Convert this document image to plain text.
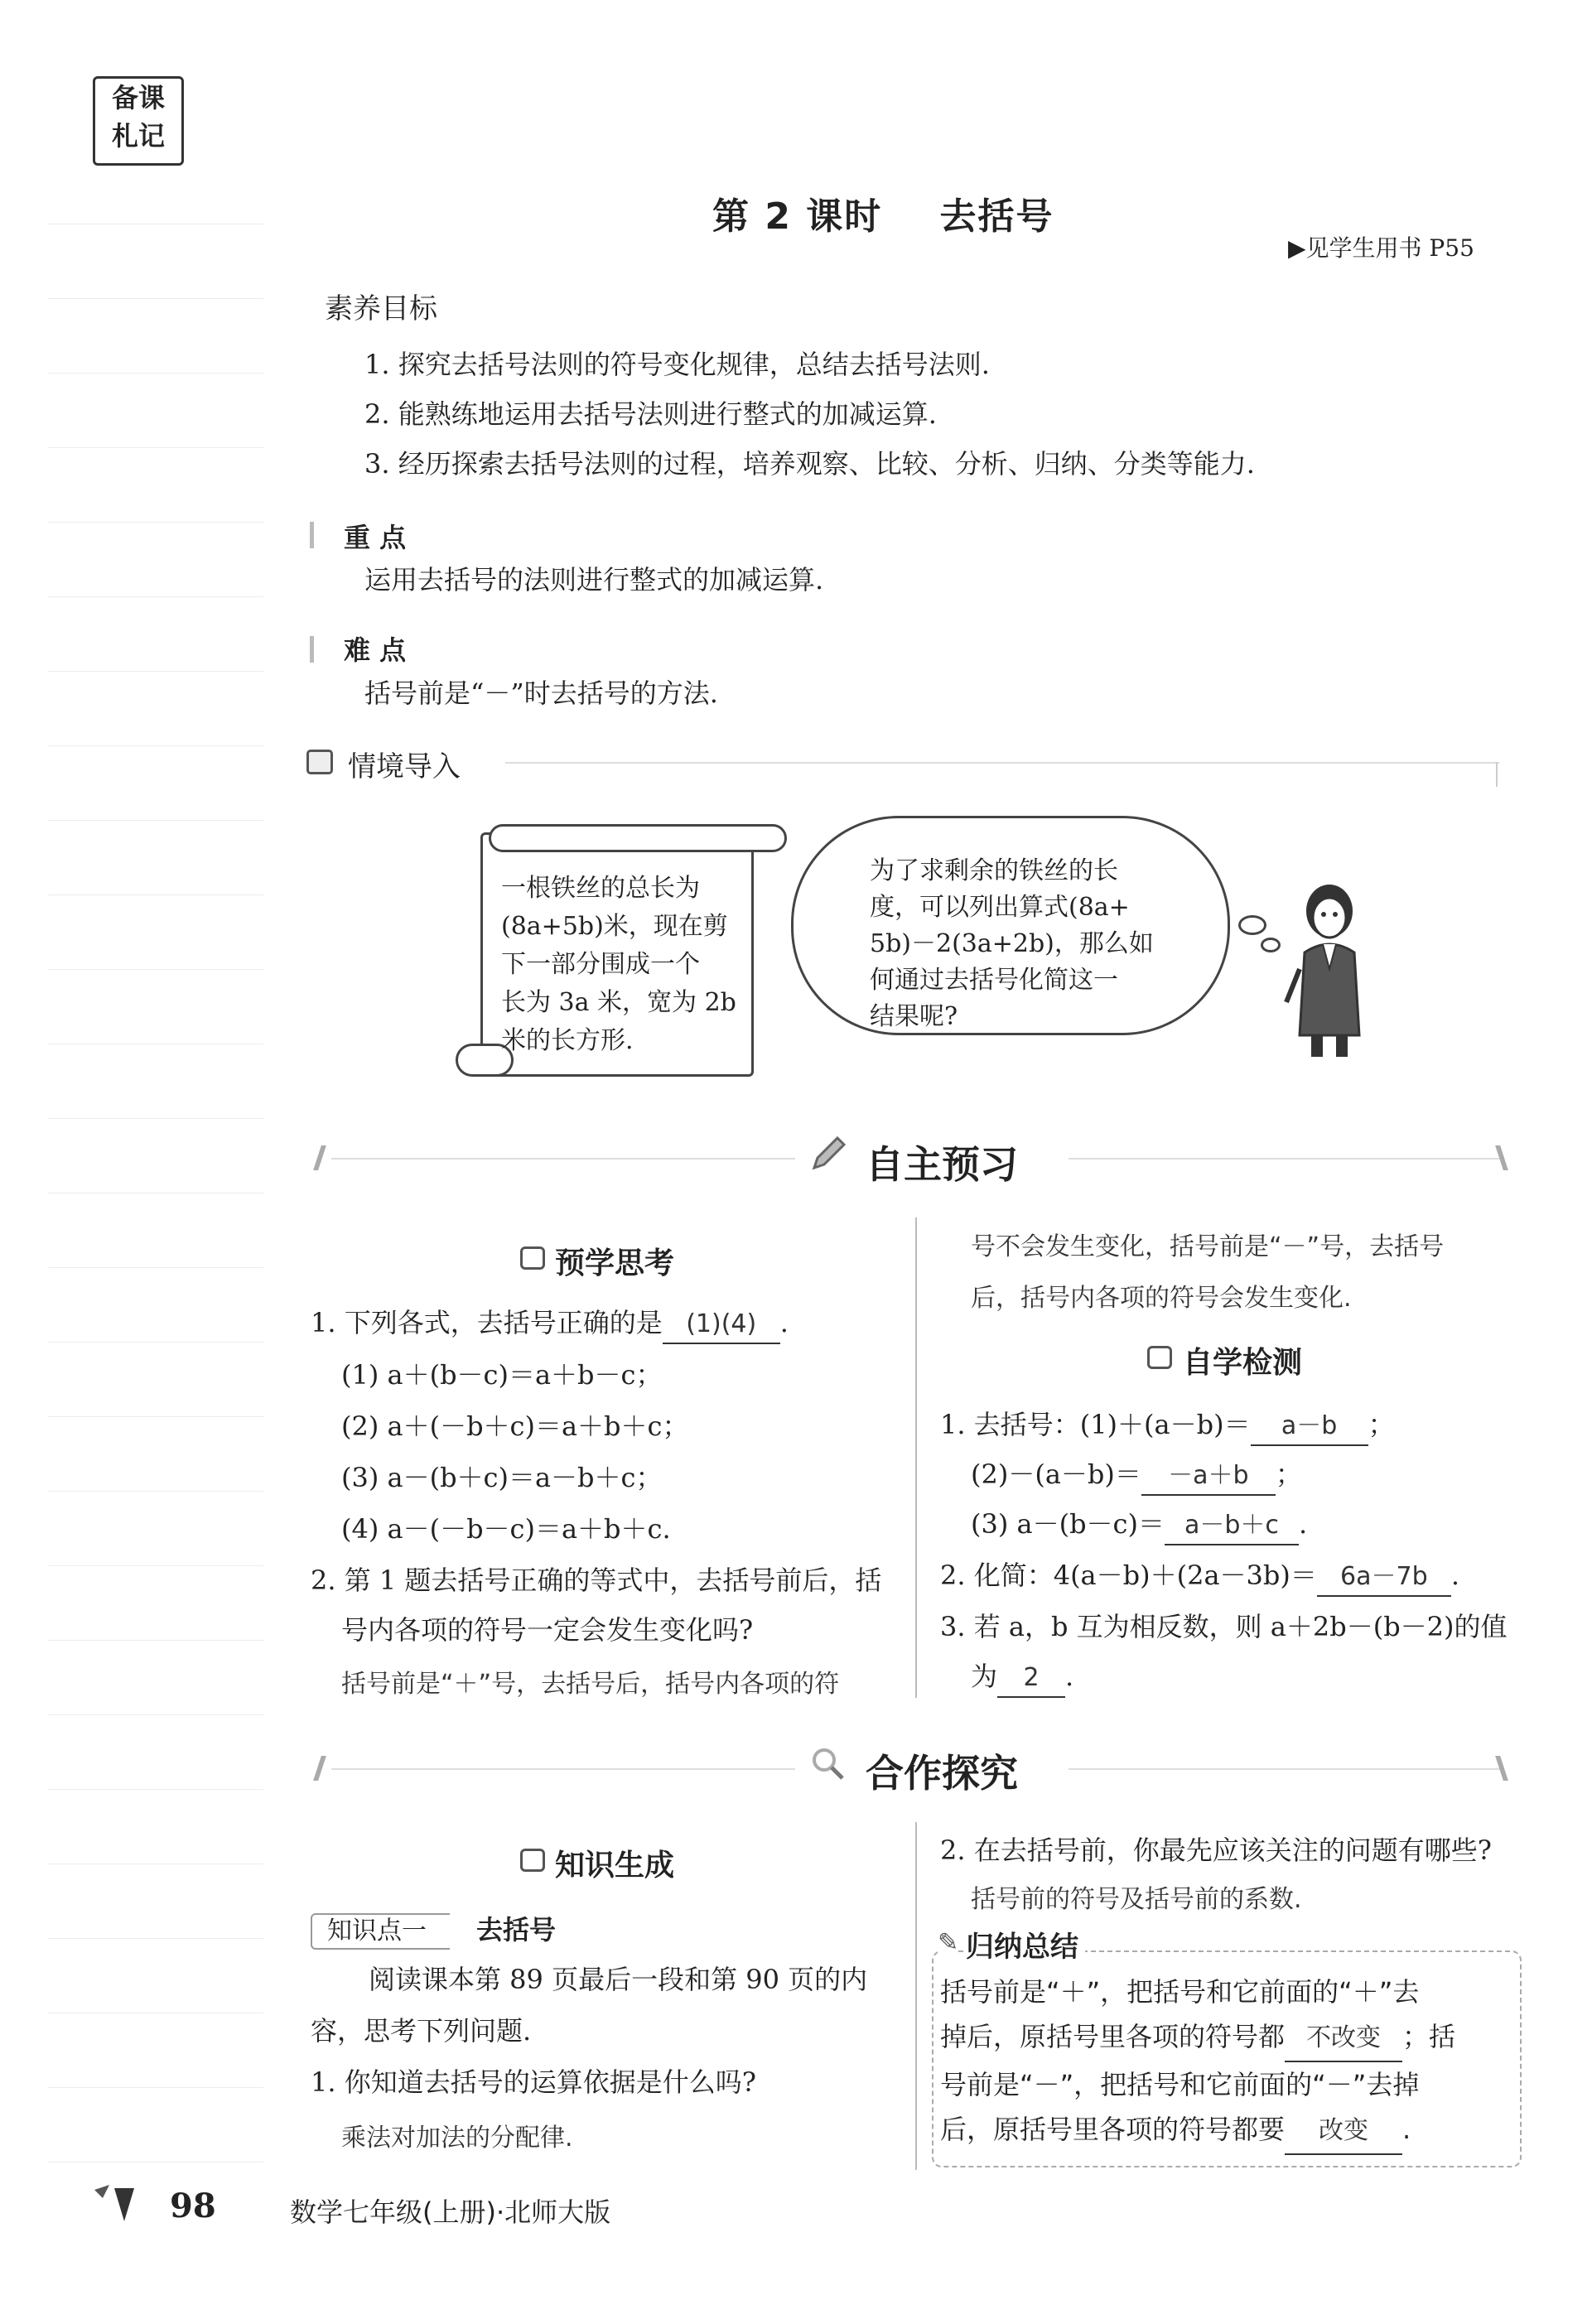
备课
札记
第 2 课时    去括号
▶见学生用书 P55
素养目标
1. 探究去括号法则的符号变化规律，总结去括号法则.
2. 能熟练地运用去括号法则进行整式的加减运算.
3. 经历探索去括号法则的过程，培养观察、比较、分析、归纳、分类等能力.
重 点
运用去括号的法则进行整式的加减运算.
难 点
括号前是“－”时去括号的方法.
情境导入
一根铁丝的总长为
(8a+5b)米，现在剪
下一部分围成一个
长为 3a 米，宽为 2b
米的长方形.
为了求剩余的铁丝的长
度，可以列出算式(8a+
5b)－2(3a+2b)，那么如
何通过去括号化简这一
结果呢?
自主预习
预学思考
1. 下列各式，去括号正确的是 (1)(4) .
(1) a＋(b－c)＝a＋b－c；
(2) a＋(－b＋c)＝a＋b＋c；
(3) a－(b＋c)＝a－b＋c；
(4) a－(－b－c)＝a＋b＋c.
2. 第 1 题去括号正确的等式中，去括号前后，括
号内各项的符号一定会发生变化吗?
括号前是“＋”号，去括号后，括号内各项的符
号不会发生变化，括号前是“－”号，去括号
后，括号内各项的符号会发生变化.
自学检测
1. 去括号：(1)＋(a－b)＝ a－b ；
(2)－(a－b)＝ －a＋b ；
(3) a－(b－c)＝ a－b＋c .
2. 化简：4(a－b)＋(2a－3b)＝ 6a－7b .
3. 若 a，b 互为相反数，则 a＋2b－(b－2)的值
为 2 .
合作探究
知识生成
知识点一	去括号
阅读课本第 89 页最后一段和第 90 页的内
容，思考下列问题.
1. 你知道去括号的运算依据是什么吗?
乘法对加法的分配律.
2. 在去括号前，你最先应该关注的问题有哪些?
括号前的符号及括号前的系数.
✎ 归纳总结
括号前是“＋”，把括号和它前面的“＋”去
掉后，原括号里各项的符号都 不改变 ；括
号前是“－”，把括号和它前面的“－”去掉
后，原括号里各项的符号都要 改变 .
98	数学七年级(上册)·北师大版
